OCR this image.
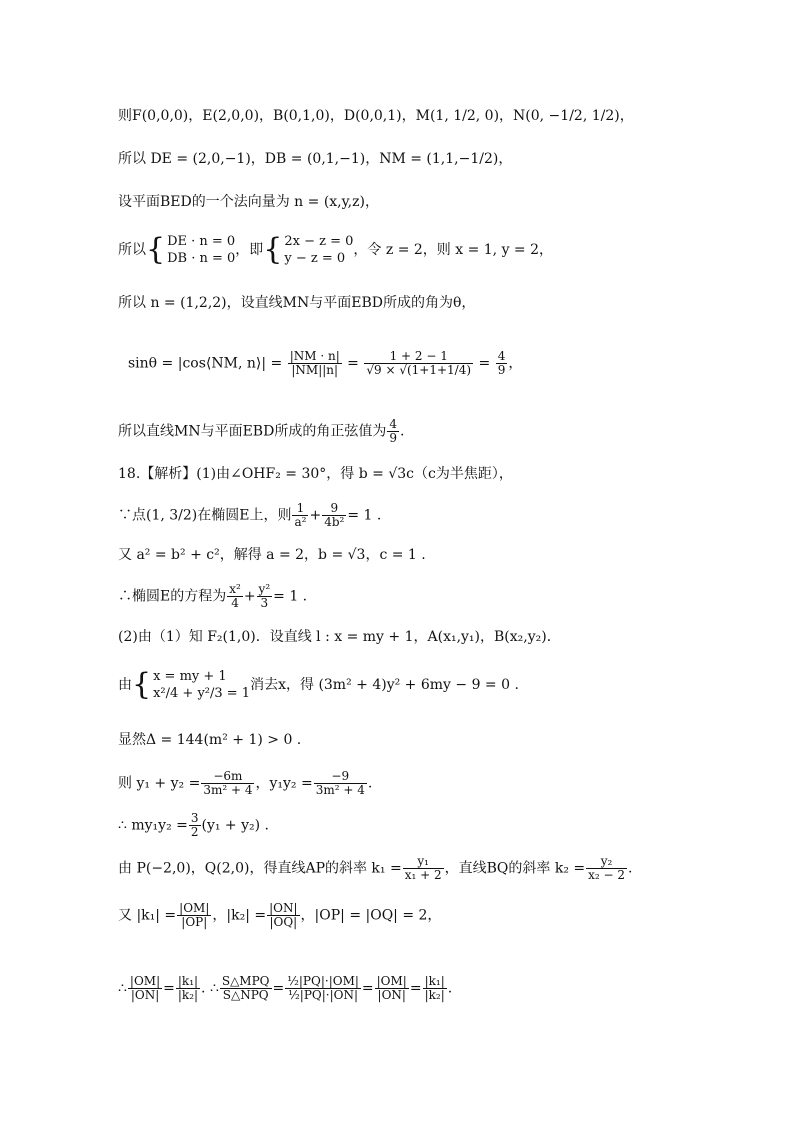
则F(0,0,0)，E(2,0,0)，B(0,1,0)，D(0,0,1)，M(1, 1/2, 0)，N(0, −1/2, 1/2)，
所以 DE = (2,0,−1)，DB = (0,1,−1)，NM = (1,1,−1/2)，
设平面BED的一个法向量为 n = (x,y,z)，
所以{ DE · n = 0
DB · n = 0
，即{ 2x − z = 0
y − z = 0
，令 z = 2，则 x = 1, y = 2，
所以 n = (1,2,2)，设直线MN与平面EBD所成的角为θ，
sinθ = |cos⟨NM, n⟩| = $\frac{|NM \cdot n|}{|NM||n|} = \frac{1 + 2 - 1}{√9 \times √(1+1+1/4)} = \frac{4}{9}$ ，
所以直线MN与平面EBD所成的角正弦值为 $\frac{4}{9}$ .
18.【解析】(1)由∠OHF₂ = 30°，得 b = √3c（c为半焦距），
∵点(1, 3/2)在椭圆E上，则 $\frac{1}{\text{a²}} + \frac{9}{\text{4b²}} = 1$ .
又 a² = b² + c²，解得 a = 2，b = √3，c = 1 .
∴椭圆E的方程为 $\frac{\text{x²}}{4} + \frac{\text{y²}}{3} = 1$ .
(2)由（1）知 F₂(1,0)．设直线 l : x = my + 1，A(x₁,y₁)，B(x₂,y₂)．
由{ x = my + 1
x²/4 + y²/3 = 1
消去x，得 (3m² + 4)y² + 6my − 9 = 0 .
显然Δ = 144(m² + 1) > 0 .
则 $y_1 + y_2 = \frac{-6m}{\text{3m² + 4}}$ ，$y_1y_2 = \frac{-9}{\text{3m² + 4}}$ .
∴ $my_1y_2 = \frac{3}{2} (y_1 + y_2)$ .
由 P(−2,0)，Q(2,0)，得直线AP的斜率 $k_1 = \frac{\text{y₁}}{\text{x₁ + 2}}$ ，直线BQ的斜率 $k_2 = \frac{\text{y₂}}{\text{x₂ − 2}}$ .
又 $|k_1| = \frac{|OM|}{|OP|}$ ，$|k_2| = \frac{|ON|}{|OQ|}$ ，|OP| = |OQ| = 2，
∴ $\frac{|OM|}{|ON|} = \frac{\text{|k₁|}}{\text{|k₂|}}$ . ∴ $\frac{\text{S△MPQ}}{\text{S△NPQ}} = \frac{\text{½|PQ|·|OM|}}{\text{½|PQ|·|ON|}} = \frac{|OM|}{|ON|} = \frac{\text{|k₁|}}{\text{|k₂|}}$ .
